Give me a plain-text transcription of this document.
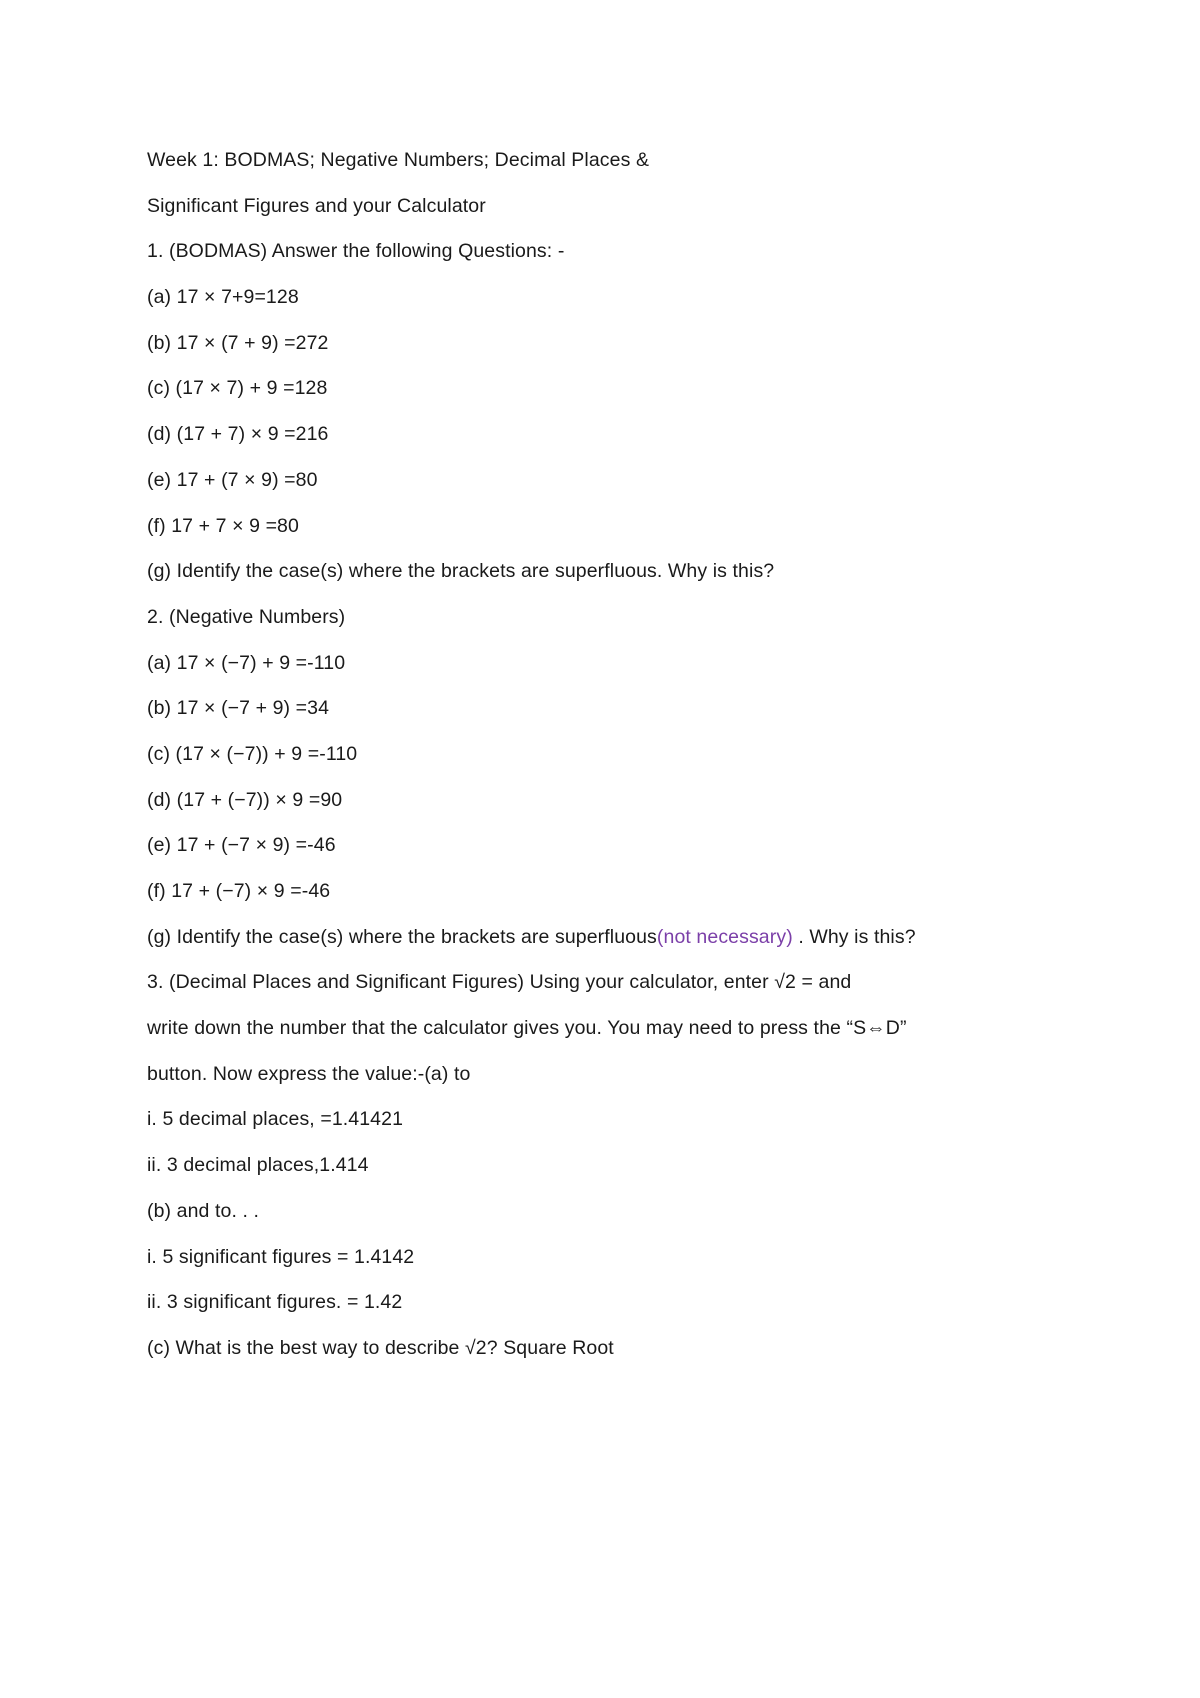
Week 1: BODMAS; Negative Numbers; Decimal Places &
Significant Figures and your Calculator
1. (BODMAS) Answer the following Questions: -
(a) 17 × 7+9=128
(b) 17 × (7 + 9) =272
(c) (17 × 7) + 9 =128
(d) (17 + 7) × 9 =216
(e) 17 + (7 × 9) =80
(f) 17 + 7 × 9 =80
(g) Identify the case(s) where the brackets are superfluous. Why is this?
2. (Negative Numbers)
(a) 17 × (−7) + 9 =-110
(b) 17 × (−7 + 9) =34
(c) (17 × (−7)) + 9 =-110
(d) (17 + (−7)) × 9 =90
(e) 17 + (−7 × 9) =-46
(f) 17 + (−7) × 9 =-46
(g) Identify the case(s) where the brackets are superfluous(not necessary) . Why is this?
3. (Decimal Places and Significant Figures) Using your calculator, enter √2 = and
write down the number that the calculator gives you. You may need to press the “S⇔D”
button. Now express the value:-(a) to
i. 5 decimal places, =1.41421
ii. 3 decimal places,1.414
(b) and to. . .
i. 5 significant figures = 1.4142
ii. 3 significant figures. = 1.42
(c) What is the best way to describe √2? Square Root
